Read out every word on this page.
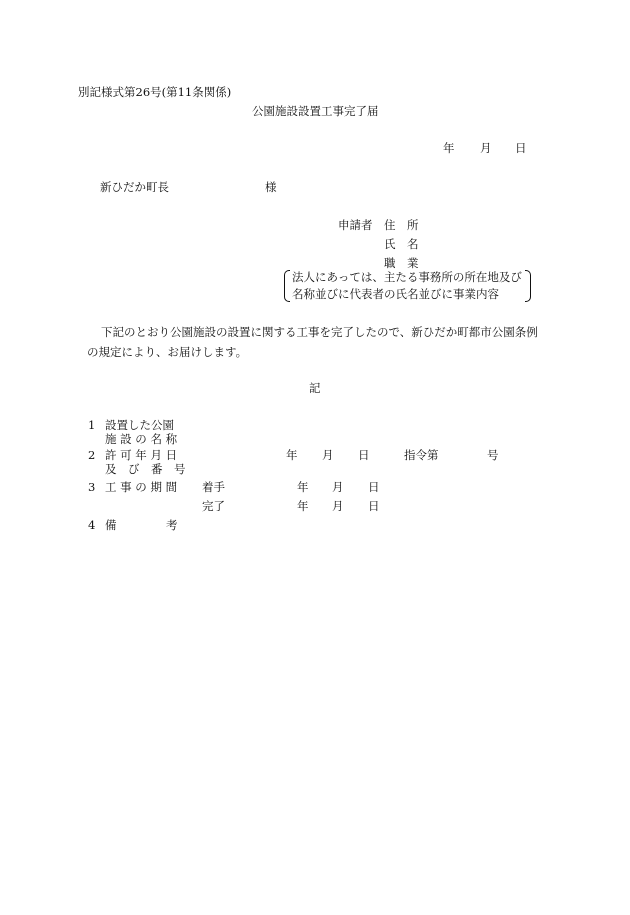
別記様式第26号(第11条関係)
公園施設設置工事完了届
年 月 日
新ひだか町長	様
申請者 住　所
氏　名
職　業
法人にあっては、主たる事務所の所在地及び
名称並びに代表者の氏名並びに事業内容
下記のとおり公園施設の設置に関する工事を完了したので、新ひだか町都市公園条例
の規定により、お届けします。
記
1 設置した公園
施 設 の 名 称
2 許 可 年 月 日
及　び　番　号
年 月 日	指令第	号
3 工 事 の 期 間 着手	年 月 日
完了	年 月 日
4 備	考
